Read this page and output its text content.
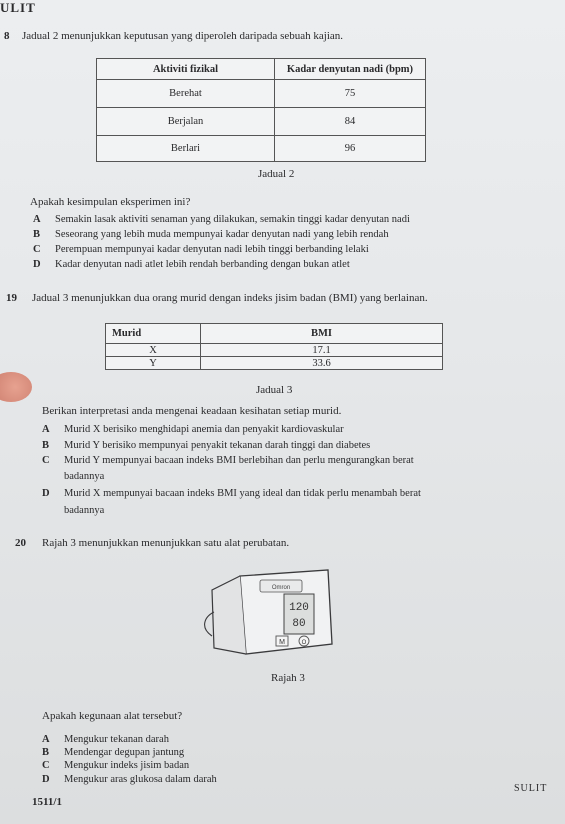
ULIT
8 Jadual 2 menunjukkan keputusan yang diperoleh daripada sebuah kajian.
Aktiviti fizikal	Kadar denyutan nadi (bpm)
Berehat	75
Berjalan	84
Berlari	96
Jadual 2
Apakah kesimpulan eksperimen ini?
A Semakin lasak aktiviti senaman yang dilakukan, semakin tinggi kadar denyutan nadi
B Seseorang yang lebih muda mempunyai kadar denyutan nadi yang lebih rendah
C Perempuan mempunyai kadar denyutan nadi lebih tinggi berbanding lelaki
D Kadar denyutan nadi atlet lebih rendah berbanding dengan bukan atlet
19 Jadual 3 menunjukkan dua orang murid dengan indeks jisim badan (BMI) yang berlainan.
Murid	BMI
X	17.1
Y	33.6
Jadual 3
Berikan interpretasi anda mengenai keadaan kesihatan setiap murid.
A Murid X berisiko menghidapi anemia dan penyakit kardiovaskular
B Murid Y berisiko mempunyai penyakit tekanan darah tinggi dan diabetes
C Murid Y mempunyai bacaan indeks BMI berlebihan dan perlu mengurangkan berat
badannya
D Murid X mempunyai bacaan indeks BMI yang ideal dan tidak perlu menambah berat
badannya
20 Rajah 3 menunjukkan menunjukkan satu alat perubatan.
Omron
120
80
M	O
Rajah 3
Apakah kegunaan alat tersebut?
A Mengukur tekanan darah
B Mendengar degupan jantung
C Mengukur indeks jisim badan
D Mengukur aras glukosa dalam darah
1511/1
SULIT
